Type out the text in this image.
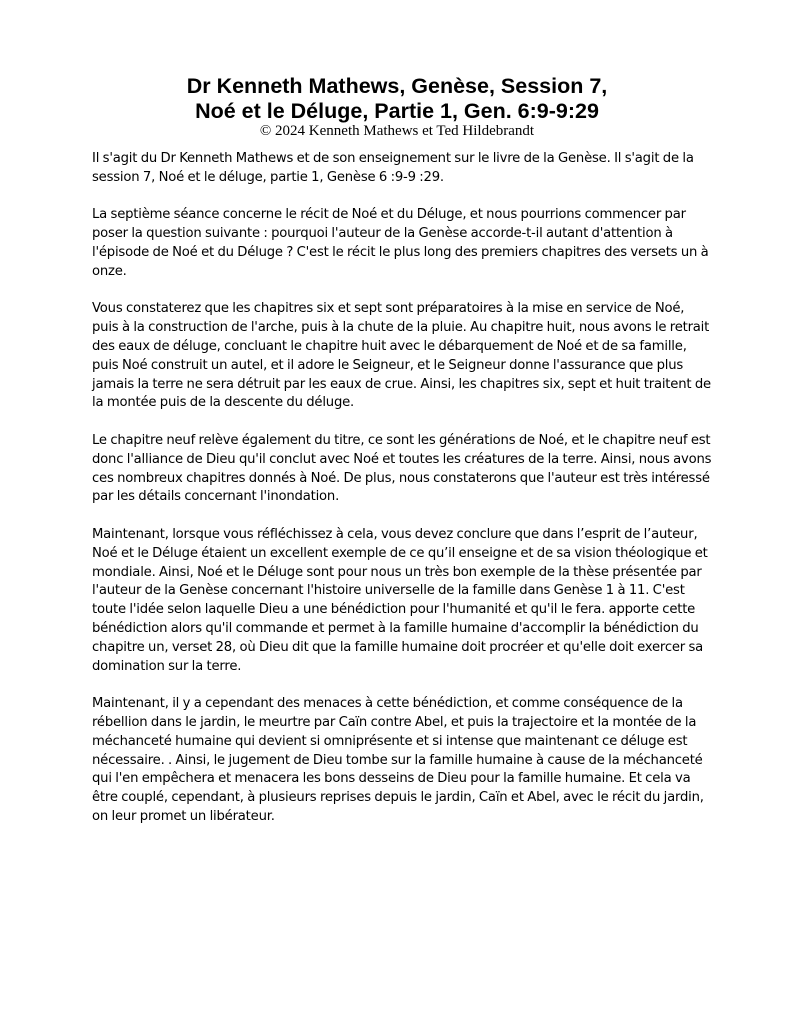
Dr Kenneth Mathews, Genèse, Session 7,
Noé et le Déluge, Partie 1, Gen. 6:9-9:29
© 2024 Kenneth Mathews et Ted Hildebrandt

Il s'agit du Dr Kenneth Mathews et de son enseignement sur le livre de la Genèse. Il s'agit de la session 7, Noé et le déluge, partie 1, Genèse 6 :9-9 :29.

La septième séance concerne le récit de Noé et du Déluge, et nous pourrions commencer par poser la question suivante : pourquoi l'auteur de la Genèse accorde-t-il autant d'attention à l'épisode de Noé et du Déluge ? C'est le récit le plus long des premiers chapitres des versets un à onze.

Vous constaterez que les chapitres six et sept sont préparatoires à la mise en service de Noé, puis à la construction de l'arche, puis à la chute de la pluie. Au chapitre huit, nous avons le retrait des eaux de déluge, concluant le chapitre huit avec le débarquement de Noé et de sa famille, puis Noé construit un autel, et il adore le Seigneur, et le Seigneur donne l'assurance que plus jamais la terre ne sera détruit par les eaux de crue. Ainsi, les chapitres six, sept et huit traitent de la montée puis de la descente du déluge.

Le chapitre neuf relève également du titre, ce sont les générations de Noé, et le chapitre neuf est donc l'alliance de Dieu qu'il conclut avec Noé et toutes les créatures de la terre. Ainsi, nous avons ces nombreux chapitres donnés à Noé. De plus, nous constaterons que l'auteur est très intéressé par les détails concernant l'inondation.

Maintenant, lorsque vous réfléchissez à cela, vous devez conclure que dans l’esprit de l’auteur, Noé et le Déluge étaient un excellent exemple de ce qu’il enseigne et de sa vision théologique et mondiale. Ainsi, Noé et le Déluge sont pour nous un très bon exemple de la thèse présentée par l'auteur de la Genèse concernant l'histoire universelle de la famille dans Genèse 1 à 11. C'est toute l'idée selon laquelle Dieu a une bénédiction pour l'humanité et qu'il le fera. apporte cette bénédiction alors qu'il commande et permet à la famille humaine d'accomplir la bénédiction du chapitre un, verset 28, où Dieu dit que la famille humaine doit procréer et qu'elle doit exercer sa domination sur la terre.

Maintenant, il y a cependant des menaces à cette bénédiction, et comme conséquence de la rébellion dans le jardin, le meurtre par Caïn contre Abel, et puis la trajectoire et la montée de la méchanceté humaine qui devient si omniprésente et si intense que maintenant ce déluge est nécessaire. . Ainsi, le jugement de Dieu tombe sur la famille humaine à cause de la méchanceté qui l'en empêchera et menacera les bons desseins de Dieu pour la famille humaine. Et cela va être couplé, cependant, à plusieurs reprises depuis le jardin, Caïn et Abel, avec le récit du jardin, on leur promet un libérateur.
